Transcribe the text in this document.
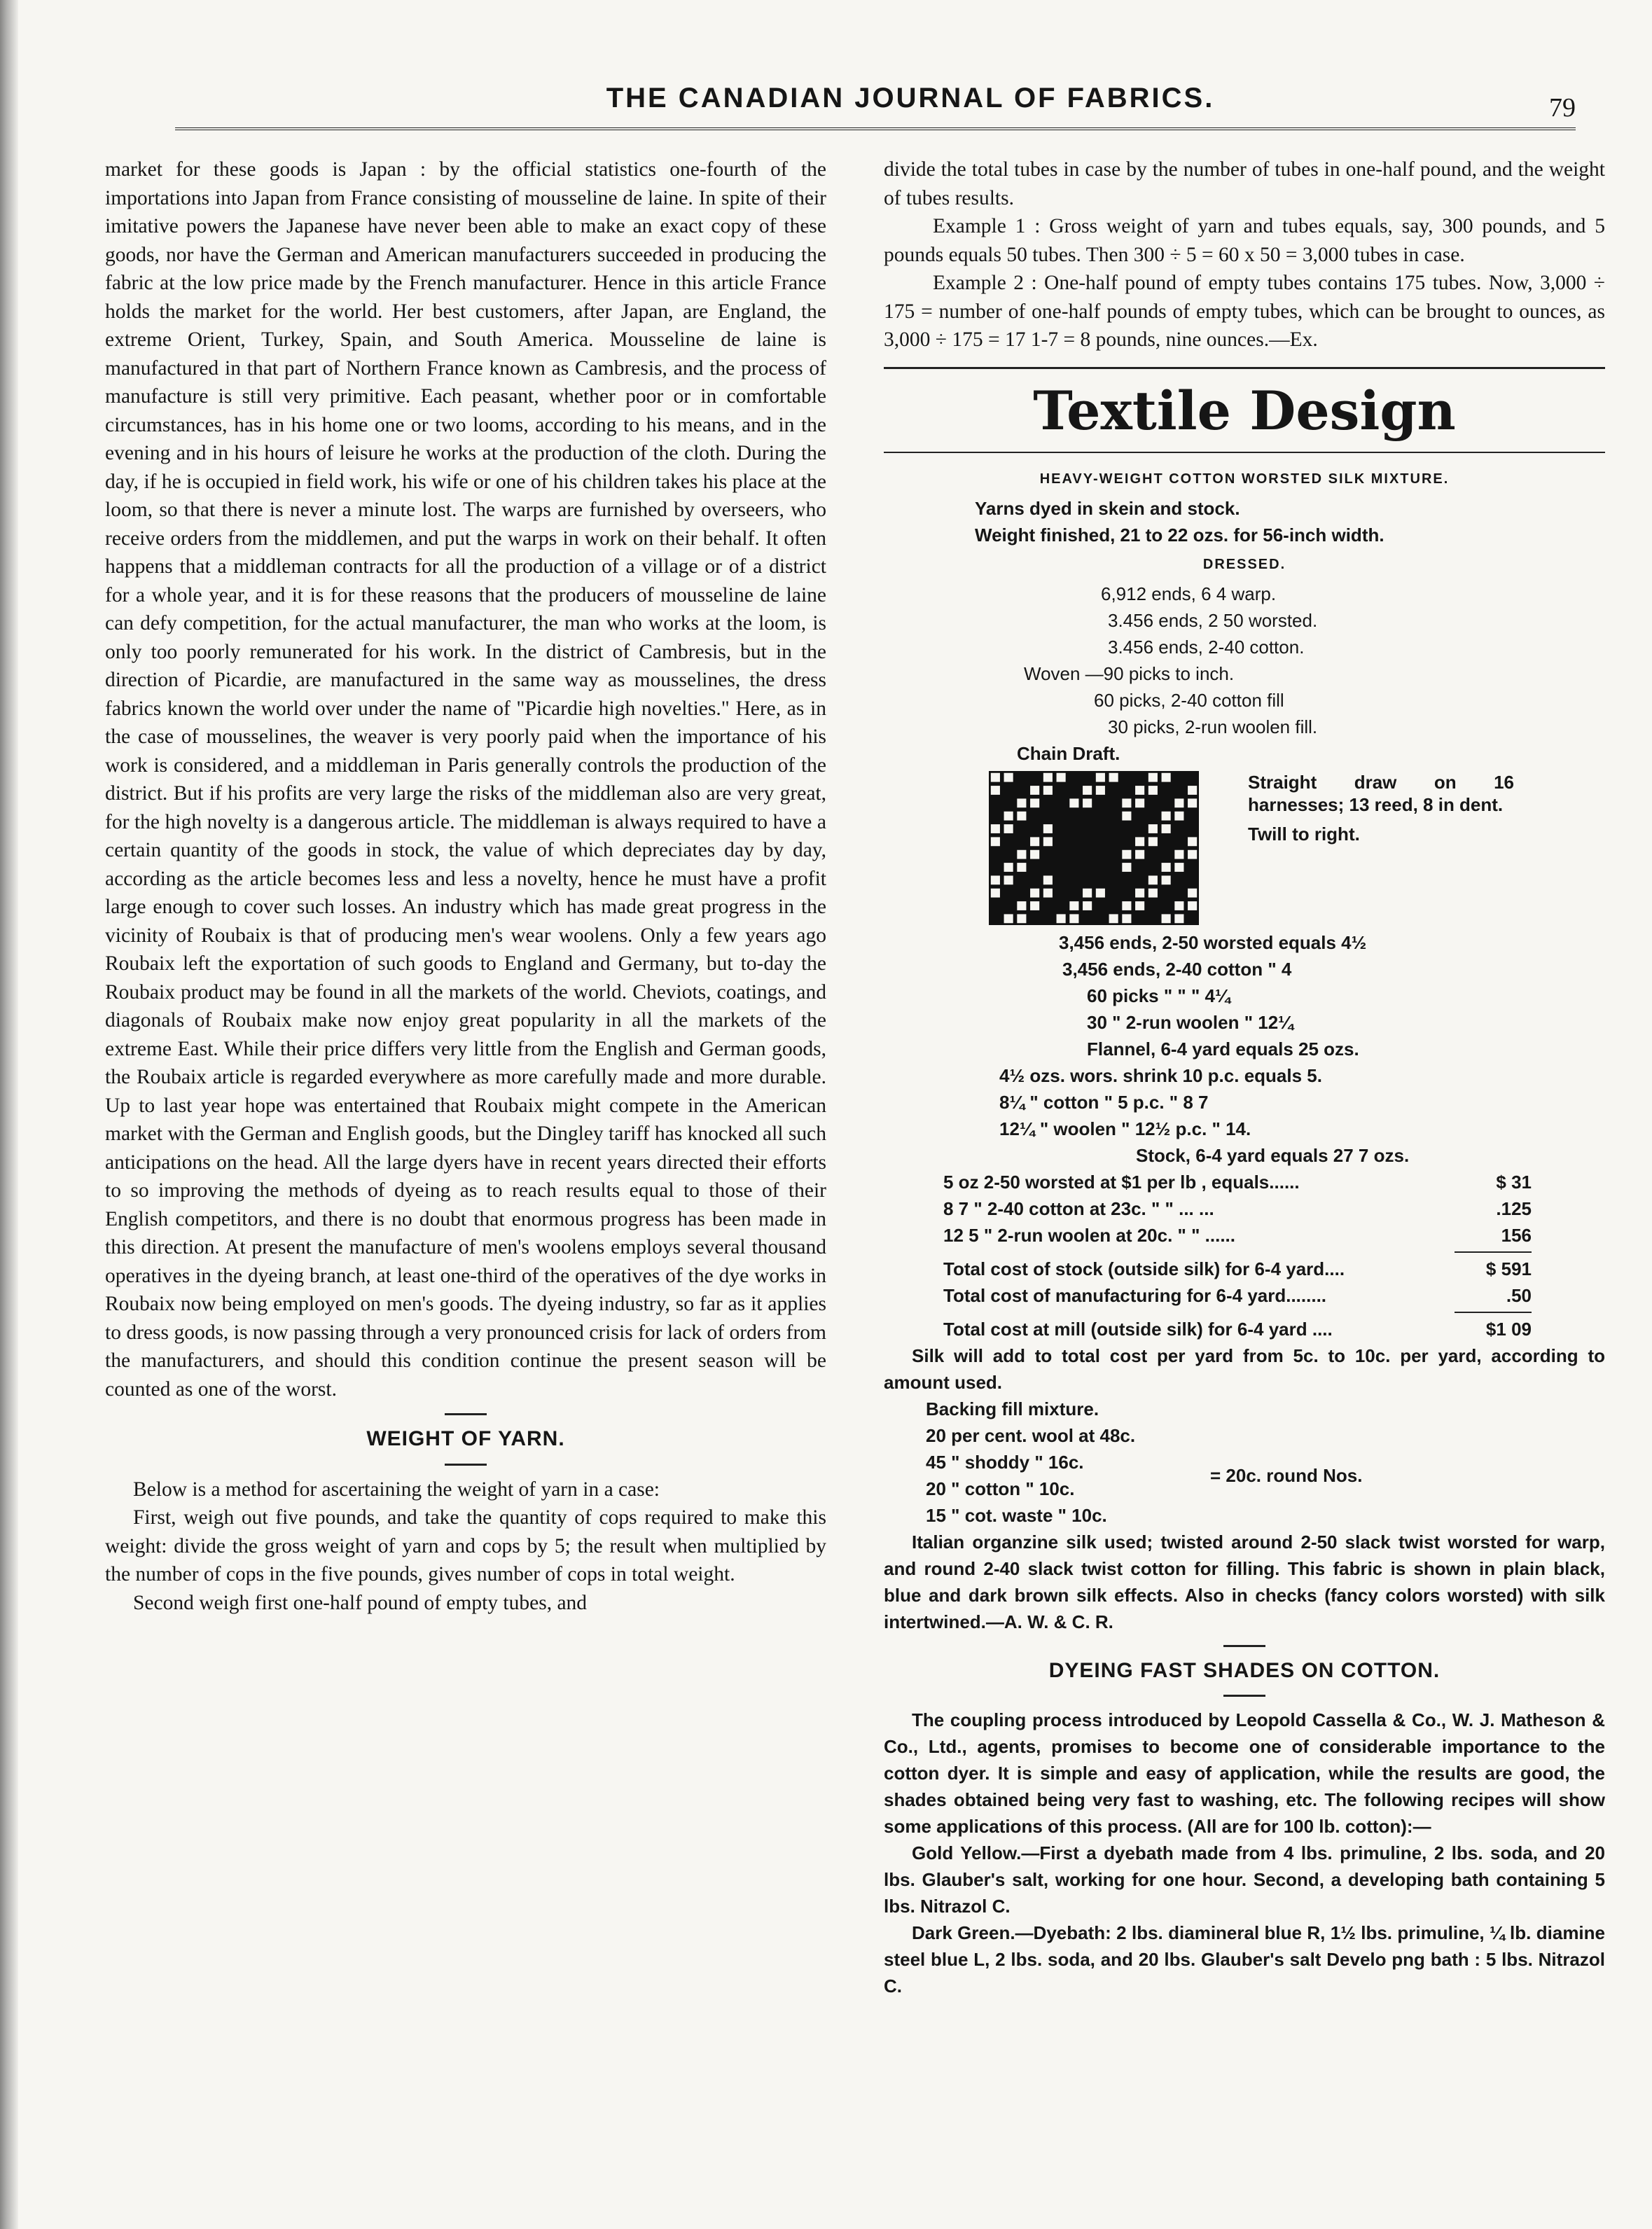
THE CANADIAN JOURNAL OF FABRICS.	79

market for these goods is Japan : by the official statistics one-fourth of the importations into Japan from France consisting of mousseline de laine. In spite of their imitative powers the Japanese have never been able to make an exact copy of these goods, nor have the German and American manufacturers succeeded in producing the fabric at the low price made by the French manufacturer. Hence in this article France holds the market for the world. Her best customers, after Japan, are England, the extreme Orient, Turkey, Spain, and South America. Mousseline de laine is manufactured in that part of Northern France known as Cambresis, and the process of manufacture is still very primitive. Each peasant, whether poor or in comfortable circumstances, has in his home one or two looms, according to his means, and in the evening and in his hours of leisure he works at the production of the cloth. During the day, if he is occupied in field work, his wife or one of his children takes his place at the loom, so that there is never a minute lost. The warps are furnished by overseers, who receive orders from the middlemen, and put the warps in work on their behalf. It often happens that a middleman contracts for all the production of a village or of a district for a whole year, and it is for these reasons that the producers of mousseline de laine can defy competition, for the actual manufacturer, the man who works at the loom, is only too poorly remunerated for his work. In the district of Cambresis, but in the direction of Picardie, are manufactured in the same way as mousselines, the dress fabrics known the world over under the name of "Picardie high novelties." Here, as in the case of mousselines, the weaver is very poorly paid when the importance of his work is considered, and a middleman in Paris generally controls the production of the district. But if his profits are very large the risks of the middleman also are very great, for the high novelty is a dangerous article. The middleman is always required to have a certain quantity of the goods in stock, the value of which depreciates day by day, according as the article becomes less and less a novelty, hence he must have a profit large enough to cover such losses. An industry which has made great progress in the vicinity of Roubaix is that of producing men's wear woolens. Only a few years ago Roubaix left the exportation of such goods to England and Germany, but to-day the Roubaix product may be found in all the markets of the world. Cheviots, coatings, and diagonals of Roubaix make now enjoy great popularity in all the markets of the extreme East. While their price differs very little from the English and German goods, the Roubaix article is regarded everywhere as more carefully made and more durable. Up to last year hope was entertained that Roubaix might compete in the American market with the German and English goods, but the Dingley tariff has knocked all such anticipations on the head. All the large dyers have in recent years directed their efforts to so improving the methods of dyeing as to reach results equal to those of their English competitors, and there is no doubt that enormous progress has been made in this direction. At present the manufacture of men's woolens employs several thousand operatives in the dyeing branch, at least one-third of the operatives of the dye works in Roubaix now being employed on men's goods. The dyeing industry, so far as it applies to dress goods, is now passing through a very pronounced crisis for lack of orders from the manufacturers, and should this condition continue the present season will be counted as one of the worst.

WEIGHT OF YARN.

Below is a method for ascertaining the weight of yarn in a case:

First, weigh out five pounds, and take the quantity of cops required to make this weight: divide the gross weight of yarn and cops by 5; the result when multiplied by the number of cops in the five pounds, gives number of cops in total weight.

Second weigh first one-half pound of empty tubes, and

divide the total tubes in case by the number of tubes in one-half pound, and the weight of tubes results.

Example 1 : Gross weight of yarn and tubes equals, say, 300 pounds, and 5 pounds equals 50 tubes. Then 300 ÷ 5 = 60 x 50 = 3,000 tubes in case.

Example 2 : One-half pound of empty tubes contains 175 tubes. Now, 3,000 ÷ 175 = number of one-half pounds of empty tubes, which can be brought to ounces, as 3,000 ÷ 175 = 17 1-7 = 8 pounds, nine ounces.—Ex.

Textile Design
HEAVY-WEIGHT COTTON WORSTED SILK MIXTURE.
Yarns dyed in skein and stock.
Weight finished, 21 to 22 ozs. for 56-inch width.
DRESSED.
6,912 ends, 6 4 warp.
3.456 ends, 2 50 worsted.
3.456 ends, 2-40 cotton.
Woven —90 picks to inch.
60 picks, 2-40 cotton fill
30 picks, 2-run woolen fill.
Chain Draft.
Straight draw on 16 harnesses; 13 reed, 8 in dent.
Twill to right.
3,456 ends, 2-50 worsted equals 4½
3,456 ends, 2-40 cotton " 4
60 picks " " " 4¼
30 " 2-run woolen " 12¼
Flannel, 6-4 yard equals 25 ozs.
4½ ozs. wors. shrink 10 p.c. equals 5.
8¼ " cotton " 5 p.c. " 8 7
12¼ " woolen " 12½ p.c. " 14.
Stock, 6-4 yard equals 27 7 ozs.
5 oz 2-50 worsted at $1 per lb , equals......	$ 31
8 7 " 2-40 cotton at 23c. " " ... ...	.125
12 5 " 2-run woolen at 20c. " " ......	156
Total cost of stock (outside silk) for 6-4 yard....	$ 591
Total cost of manufacturing for 6-4 yard........	.50
Total cost at mill (outside silk) for 6-4 yard ....	$1 09

Silk will add to total cost per yard from 5c. to 10c. per yard, according to amount used.

Backing fill mixture.
20 per cent. wool at 48c.
45 " shoddy " 16c.
20 " cotton " 10c.
15 " cot. waste " 10c.
= 20c. round Nos.

Italian organzine silk used; twisted around 2-50 slack twist worsted for warp, and round 2-40 slack twist cotton for filling. This fabric is shown in plain black, blue and dark brown silk effects. Also in checks (fancy colors worsted) with silk intertwined.—A. W. & C. R.

DYEING FAST SHADES ON COTTON.

The coupling process introduced by Leopold Cassella & Co., W. J. Matheson & Co., Ltd., agents, promises to become one of considerable importance to the cotton dyer. It is simple and easy of application, while the results are good, the shades obtained being very fast to washing, etc. The following recipes will show some applications of this process. (All are for 100 lb. cotton):—

Gold Yellow.—First a dyebath made from 4 lbs. primuline, 2 lbs. soda, and 20 lbs. Glauber's salt, working for one hour. Second, a developing bath containing 5 lbs. Nitrazol C.

Dark Green.—Dyebath: 2 lbs. diamineral blue R, 1½ lbs. primuline, ¼ lb. diamine steel blue L, 2 lbs. soda, and 20 lbs. Glauber's salt Develo png bath : 5 lbs. Nitrazol C.
